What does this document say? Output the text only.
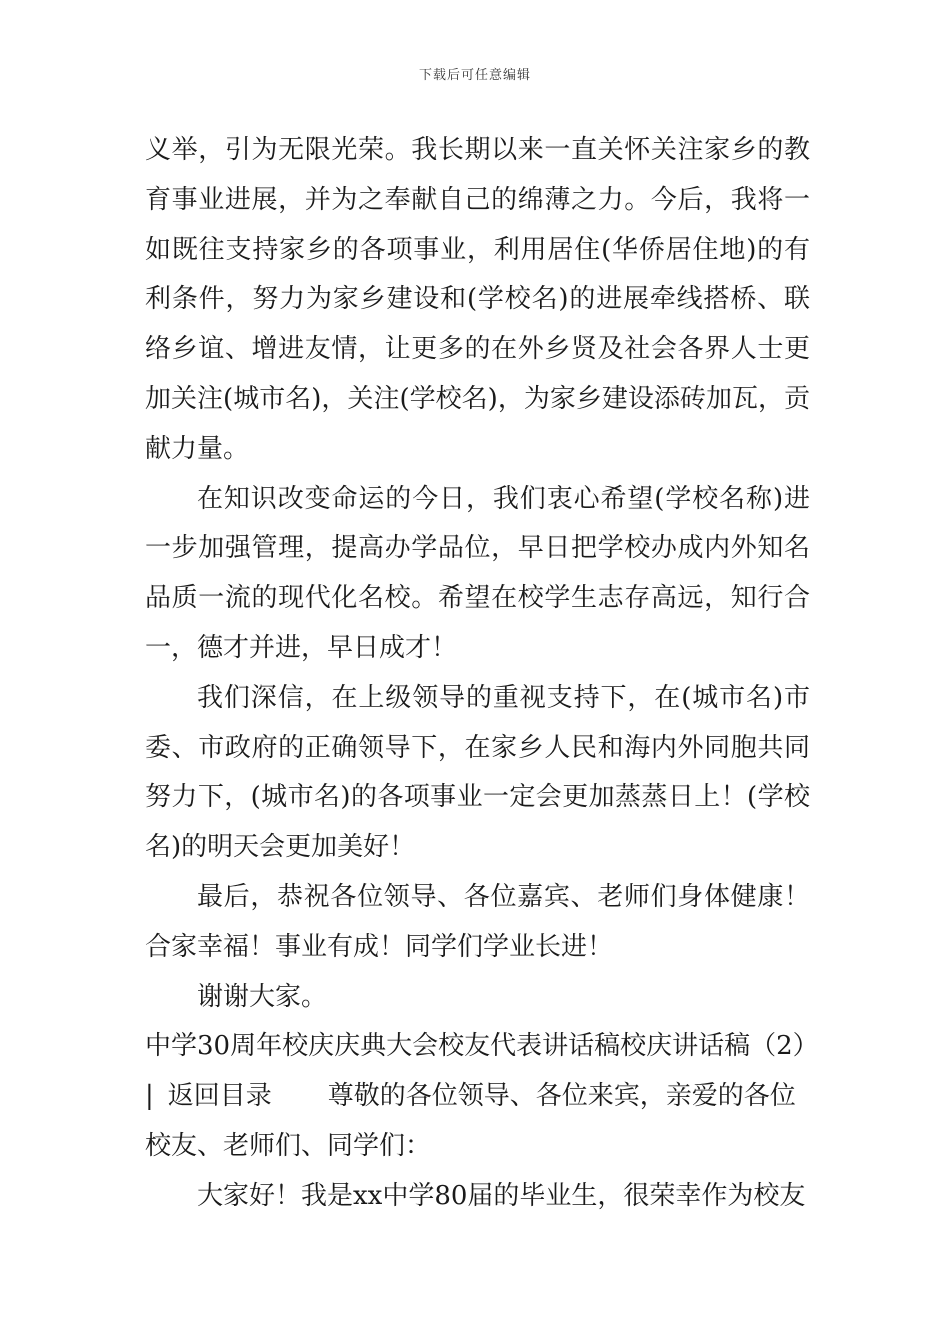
下载后可任意编辑

义举，引为无限光荣。我长期以来一直关怀关注家乡的教育事业进展，并为之奉献自己的绵薄之力。今后，我将一如既往支持家乡的各项事业，利用居住(华侨居住地)的有利条件，努力为家乡建设和(学校名)的进展牵线搭桥、联络乡谊、增进友情，让更多的在外乡贤及社会各界人士更加关注(城市名)，关注(学校名)，为家乡建设添砖加瓦，贡献力量。

在知识改变命运的今日，我们衷心希望(学校名称)进一步加强管理，提高办学品位，早日把学校办成内外知名品质一流的现代化名校。希望在校学生志存高远，知行合一，德才并进，早日成才！

我们深信，在上级领导的重视支持下，在(城市名)市委、市政府的正确领导下，在家乡人民和海内外同胞共同努力下，(城市名)的各项事业一定会更加蒸蒸日上！(学校名)的明天会更加美好！

最后，恭祝各位领导、各位嘉宾、老师们身体健康！合家幸福！事业有成！同学们学业长进！

谢谢大家。

中学30周年校庆庆典大会校友代表讲话稿校庆讲话稿（2）

| 返回目录 尊敬的各位领导、各位来宾，亲爱的各位

校友、老师们、同学们：

大家好！我是xx中学80届的毕业生，很荣幸作为校友
